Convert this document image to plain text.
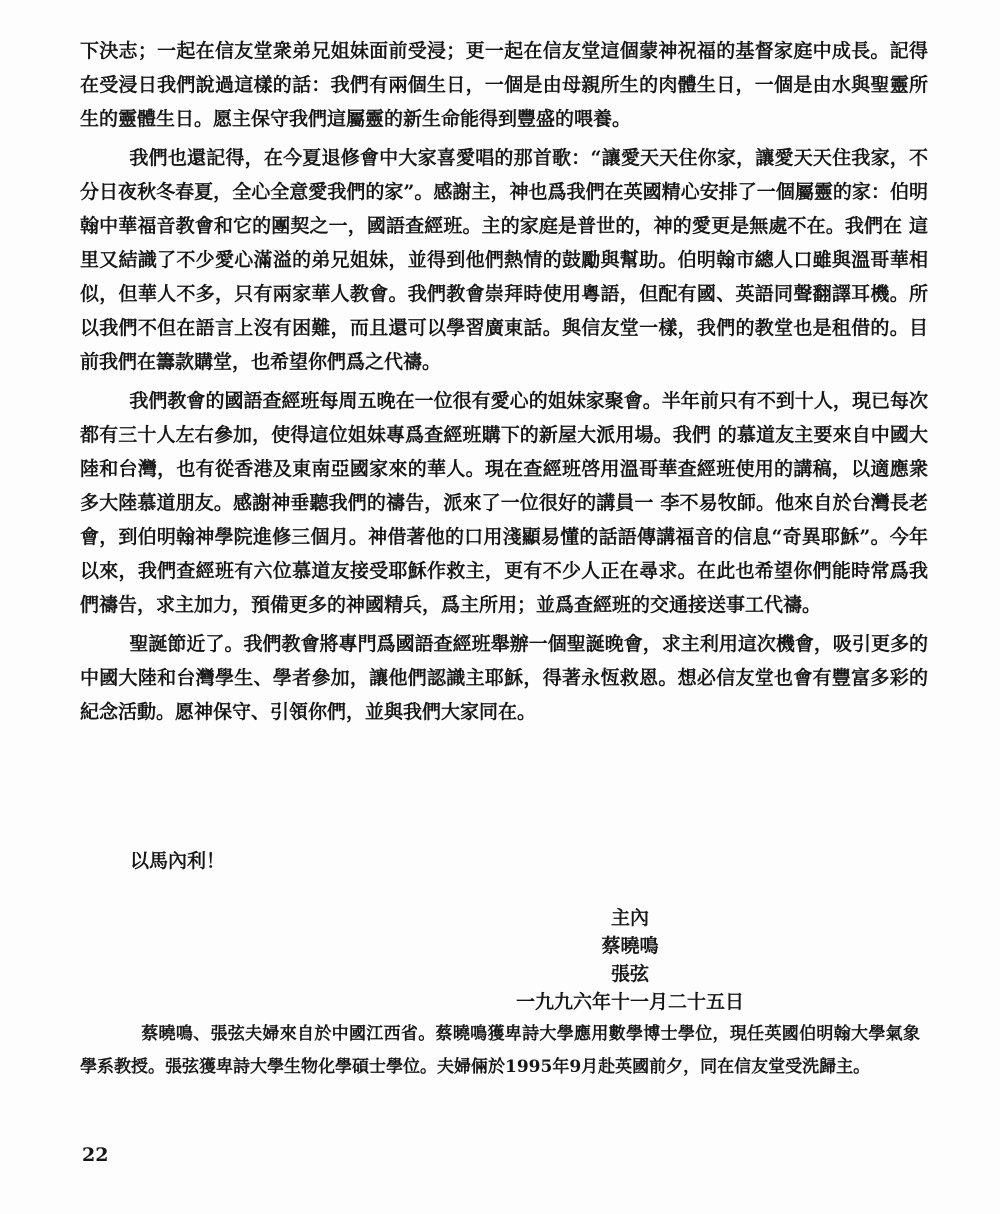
下決志；一起在信友堂衆弟兄姐妹面前受浸；更一起在信友堂這個蒙神祝福的基督家庭中成長。記得在受浸日我們說過這樣的話：我們有兩個生日，一個是由母親所生的肉體生日，一個是由水與聖靈所生的靈體生日。愿主保守我們這屬靈的新生命能得到豐盛的喂養。

我們也還記得，在今夏退修會中大家喜愛唱的那首歌：“讓愛天天住你家，讓愛天天住我家，不分日夜秋冬春夏，全心全意愛我們的家”。感謝主，神也爲我們在英國精心安排了一個屬靈的家：伯明翰中華福音教會和它的團契之一，國語查經班。主的家庭是普世的，神的愛更是無處不在。我們在 這里又結識了不少愛心滿溢的弟兄姐妹，並得到他們熱情的鼓勵與幫助。伯明翰市總人口雖與溫哥華相似，但華人不多，只有兩家華人教會。我們教會崇拜時使用粵語，但配有國、英語同聲翻譯耳機。所以我們不但在語言上沒有困難，而且還可以學習廣東話。與信友堂一樣，我們的教堂也是租借的。目前我們在籌款購堂，也希望你們爲之代禱。

我們教會的國語查經班每周五晚在一位很有愛心的姐妹家聚會。半年前只有不到十人，現已每次都有三十人左右參加，使得這位姐妹專爲查經班購下的新屋大派用場。我們 的慕道友主要來自中國大陸和台灣，也有從香港及東南亞國家來的華人。現在查經班啓用溫哥華查經班使用的講稿，以適應衆多大陸慕道朋友。感謝神垂聽我們的禱告，派來了一位很好的講員一 李不易牧師。他來自於台灣長老會，到伯明翰神學院進修三個月。神借著他的口用淺顯易懂的話語傳講福音的信息“奇異耶穌”。今年以來，我們查經班有六位慕道友接受耶穌作救主，更有不少人正在尋求。在此也希望你們能時常爲我們禱告，求主加力，預備更多的神國精兵，爲主所用；並爲查經班的交通接送事工代禱。

聖誕節近了。我們教會將專門爲國語查經班舉辦一個聖誕晚會，求主利用這次機會，吸引更多的中國大陸和台灣學生、學者參加，讓他們認識主耶穌，得著永恆救恩。想必信友堂也會有豐富多彩的紀念活動。愿神保守、引領你們，並與我們大家同在。

以馬內利！
主內
蔡曉鳴
張弦
一九九六年十一月二十五日

蔡曉鳴、張弦夫婦來自於中國江西省。蔡曉鳴獲卑詩大學應用數學博士學位，現任英國伯明翰大學氣象學系教授。張弦獲卑詩大學生物化學碩士學位。夫婦倆於1995年9月赴英國前夕，同在信友堂受洗歸主。

22
